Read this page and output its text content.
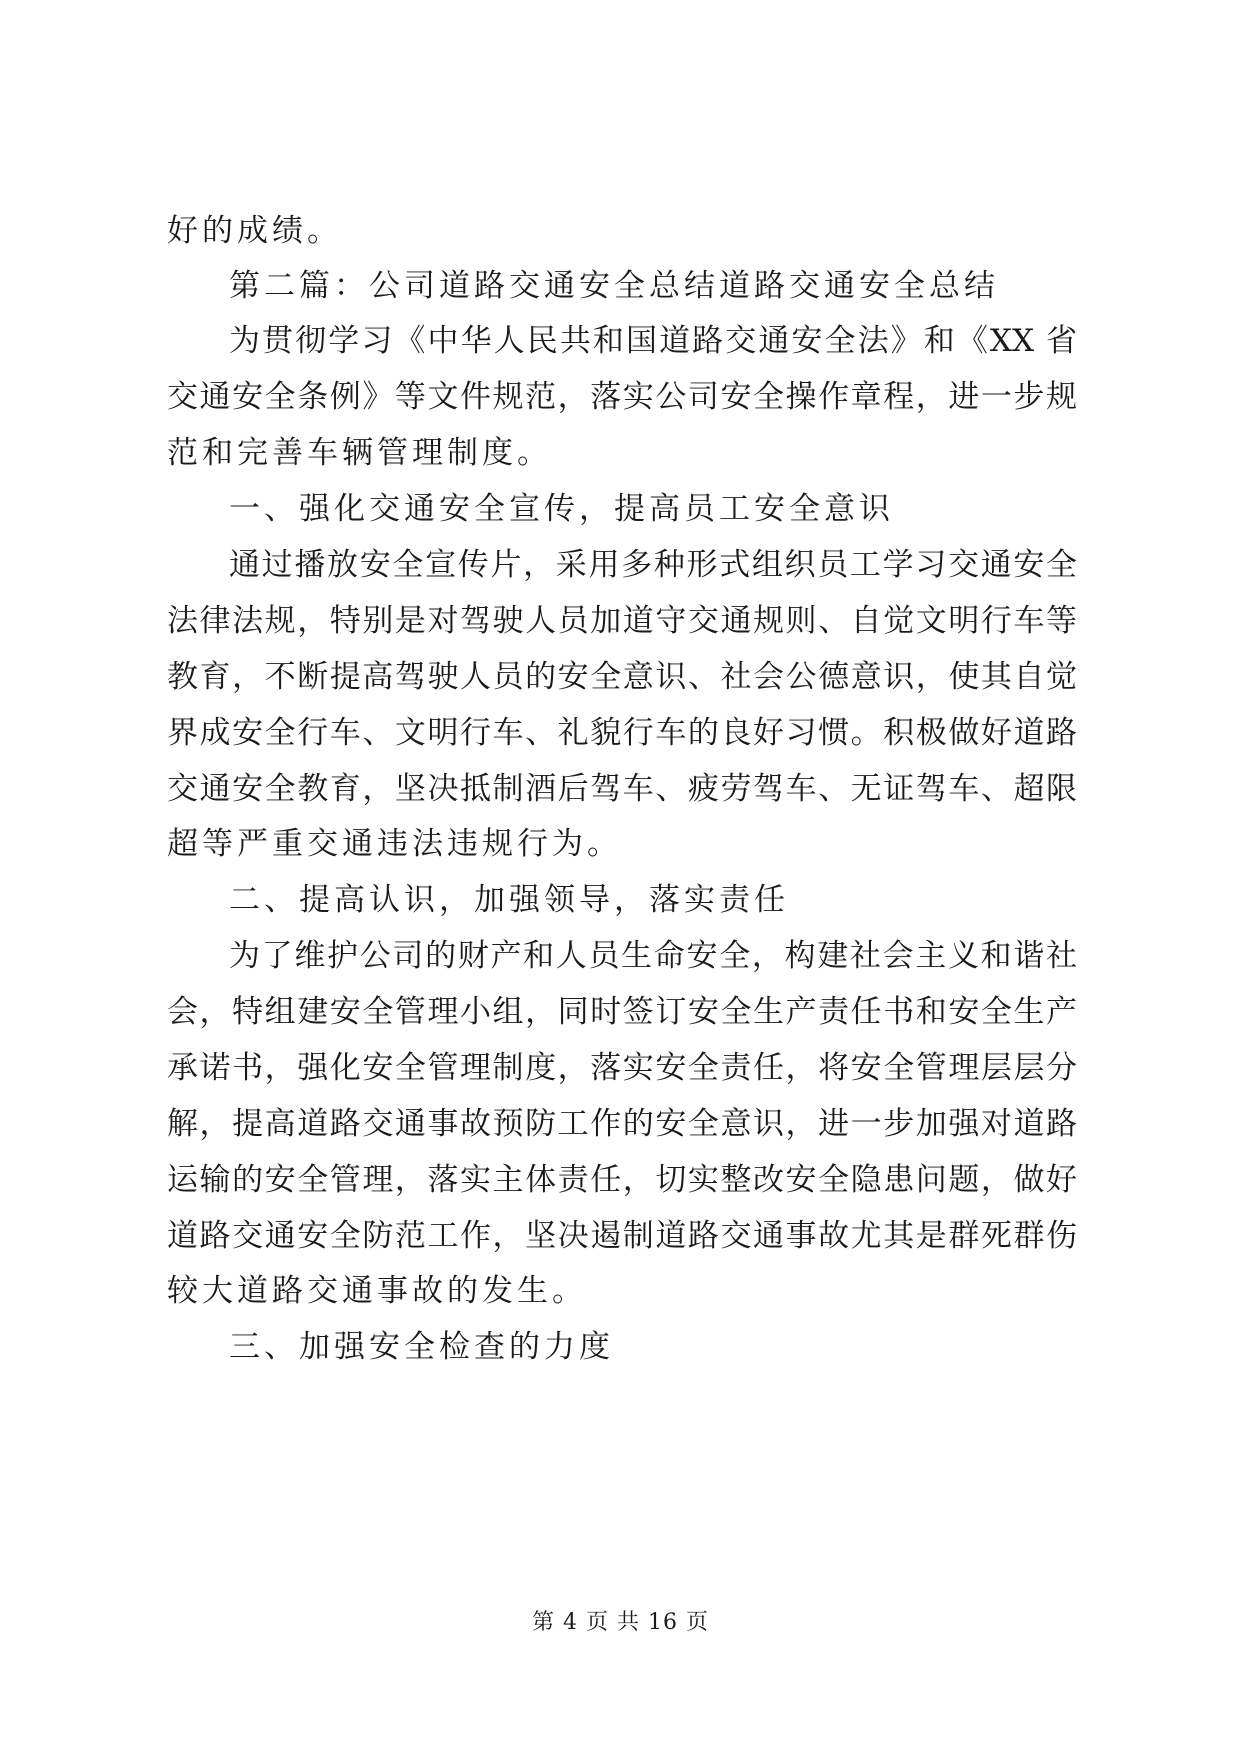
好的成绩。
第二篇：公司道路交通安全总结道路交通安全总结
为贯彻学习《中华人民共和国道路交通安全法》和《XX 省
交通安全条例》等文件规范，落实公司安全操作章程，进一步规
范和完善车辆管理制度。
一、强化交通安全宣传，提高员工安全意识
通过播放安全宣传片，采用多种形式组织员工学习交通安全
法律法规，特别是对驾驶人员加道守交通规则、自觉文明行车等
教育，不断提高驾驶人员的安全意识、社会公德意识，使其自觉
界成安全行车、文明行车、礼貌行车的良好习惯。积极做好道路
交通安全教育，坚决抵制酒后驾车、疲劳驾车、无证驾车、超限
超等严重交通违法违规行为。
二、提高认识，加强领导，落实责任
为了维护公司的财产和人员生命安全，构建社会主义和谐社
会，特组建安全管理小组，同时签订安全生产责任书和安全生产
承诺书，强化安全管理制度，落实安全责任，将安全管理层层分
解，提高道路交通事故预防工作的安全意识，进一步加强对道路
运输的安全管理，落实主体责任，切实整改安全隐患问题，做好
道路交通安全防范工作，坚决遏制道路交通事故尤其是群死群伤
较大道路交通事故的发生。
三、加强安全检查的力度
第 4 页 共 16 页
